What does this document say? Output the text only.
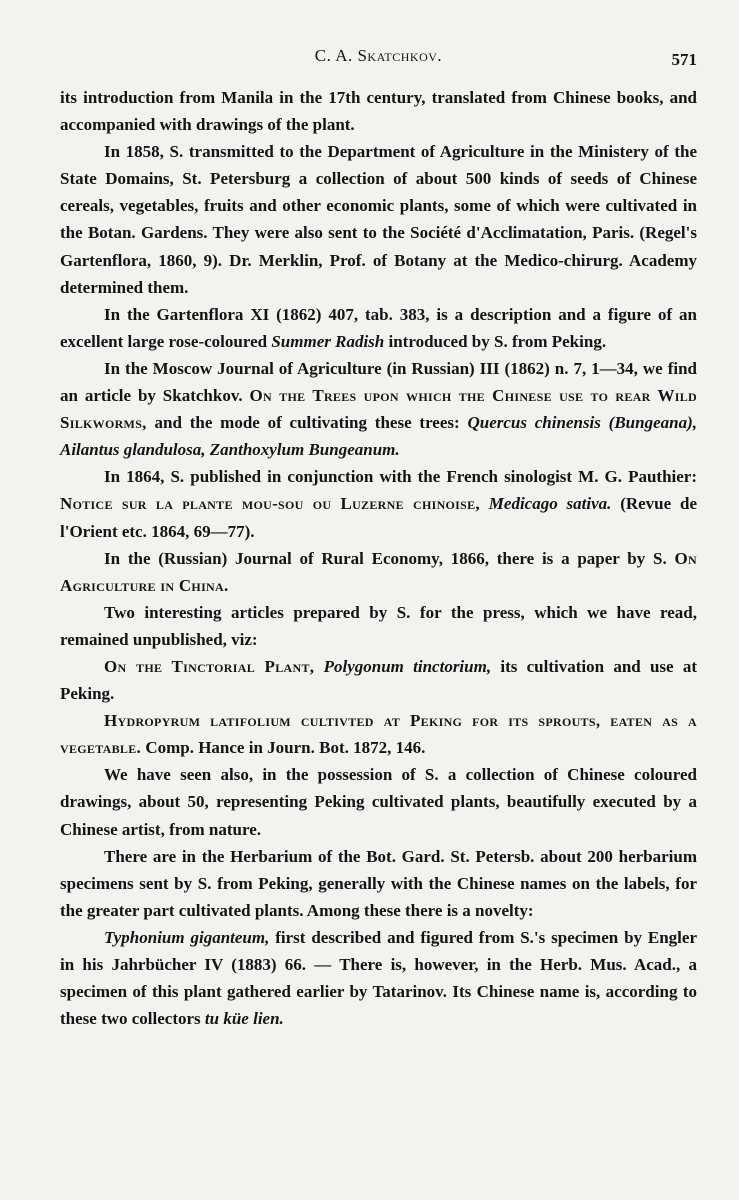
C. A. Skatchkov.	571

its introduction from Manila in the 17th century, translated from Chinese books, and accompanied with drawings of the plant.

In 1858, S. transmitted to the Department of Agriculture in the Ministery of the State Domains, St. Petersburg a collection of about 500 kinds of seeds of Chinese cereals, vegetables, fruits and other economic plants, some of which were cultivated in the Botan. Gardens. They were also sent to the Société d'Acclimatation, Paris. (Regel's Gartenflora, 1860, 9). Dr. Merklin, Prof. of Botany at the Medico-chirurg. Academy determined them.

In the Gartenflora XI (1862) 407, tab. 383, is a description and a figure of an excellent large rose-coloured Summer Radish introduced by S. from Peking.

In the Moscow Journal of Agriculture (in Russian) III (1862) n. 7, 1—34, we find an article by Skatchkov. On the Trees upon which the Chinese use to rear Wild Silkworms, and the mode of cultivating these trees: Quercus chinensis (Bungeana), Ailantus glandulosa, Zanthoxylum Bungeanum.

In 1864, S. published in conjunction with the French sinologist M. G. Pauthier: Notice sur la plante mou-sou ou Luzerne chinoise, Medicago sativa. (Revue de l'Orient etc. 1864, 69—77).

In the (Russian) Journal of Rural Economy, 1866, there is a paper by S. On Agriculture in China.

Two interesting articles prepared by S. for the press, which we have read, remained unpublished, viz:

On the Tinctorial Plant, Polygonum tinctorium, its cultivation and use at Peking.

Hydropyrum latifolium cultivted at Peking for its sprouts, eaten as a vegetable. Comp. Hance in Journ. Bot. 1872, 146.

We have seen also, in the possession of S. a collection of Chinese coloured drawings, about 50, representing Peking cultivated plants, beautifully executed by a Chinese artist, from nature.

There are in the Herbarium of the Bot. Gard. St. Petersb. about 200 herbarium specimens sent by S. from Peking, generally with the Chinese names on the labels, for the greater part cultivated plants. Among these there is a novelty:

Typhonium giganteum, first described and figured from S.'s specimen by Engler in his Jahrbücher IV (1883) 66. — There is, however, in the Herb. Mus. Acad., a specimen of this plant gathered earlier by Tatarinov. Its Chinese name is, according to these two collectors tu küe lien.
